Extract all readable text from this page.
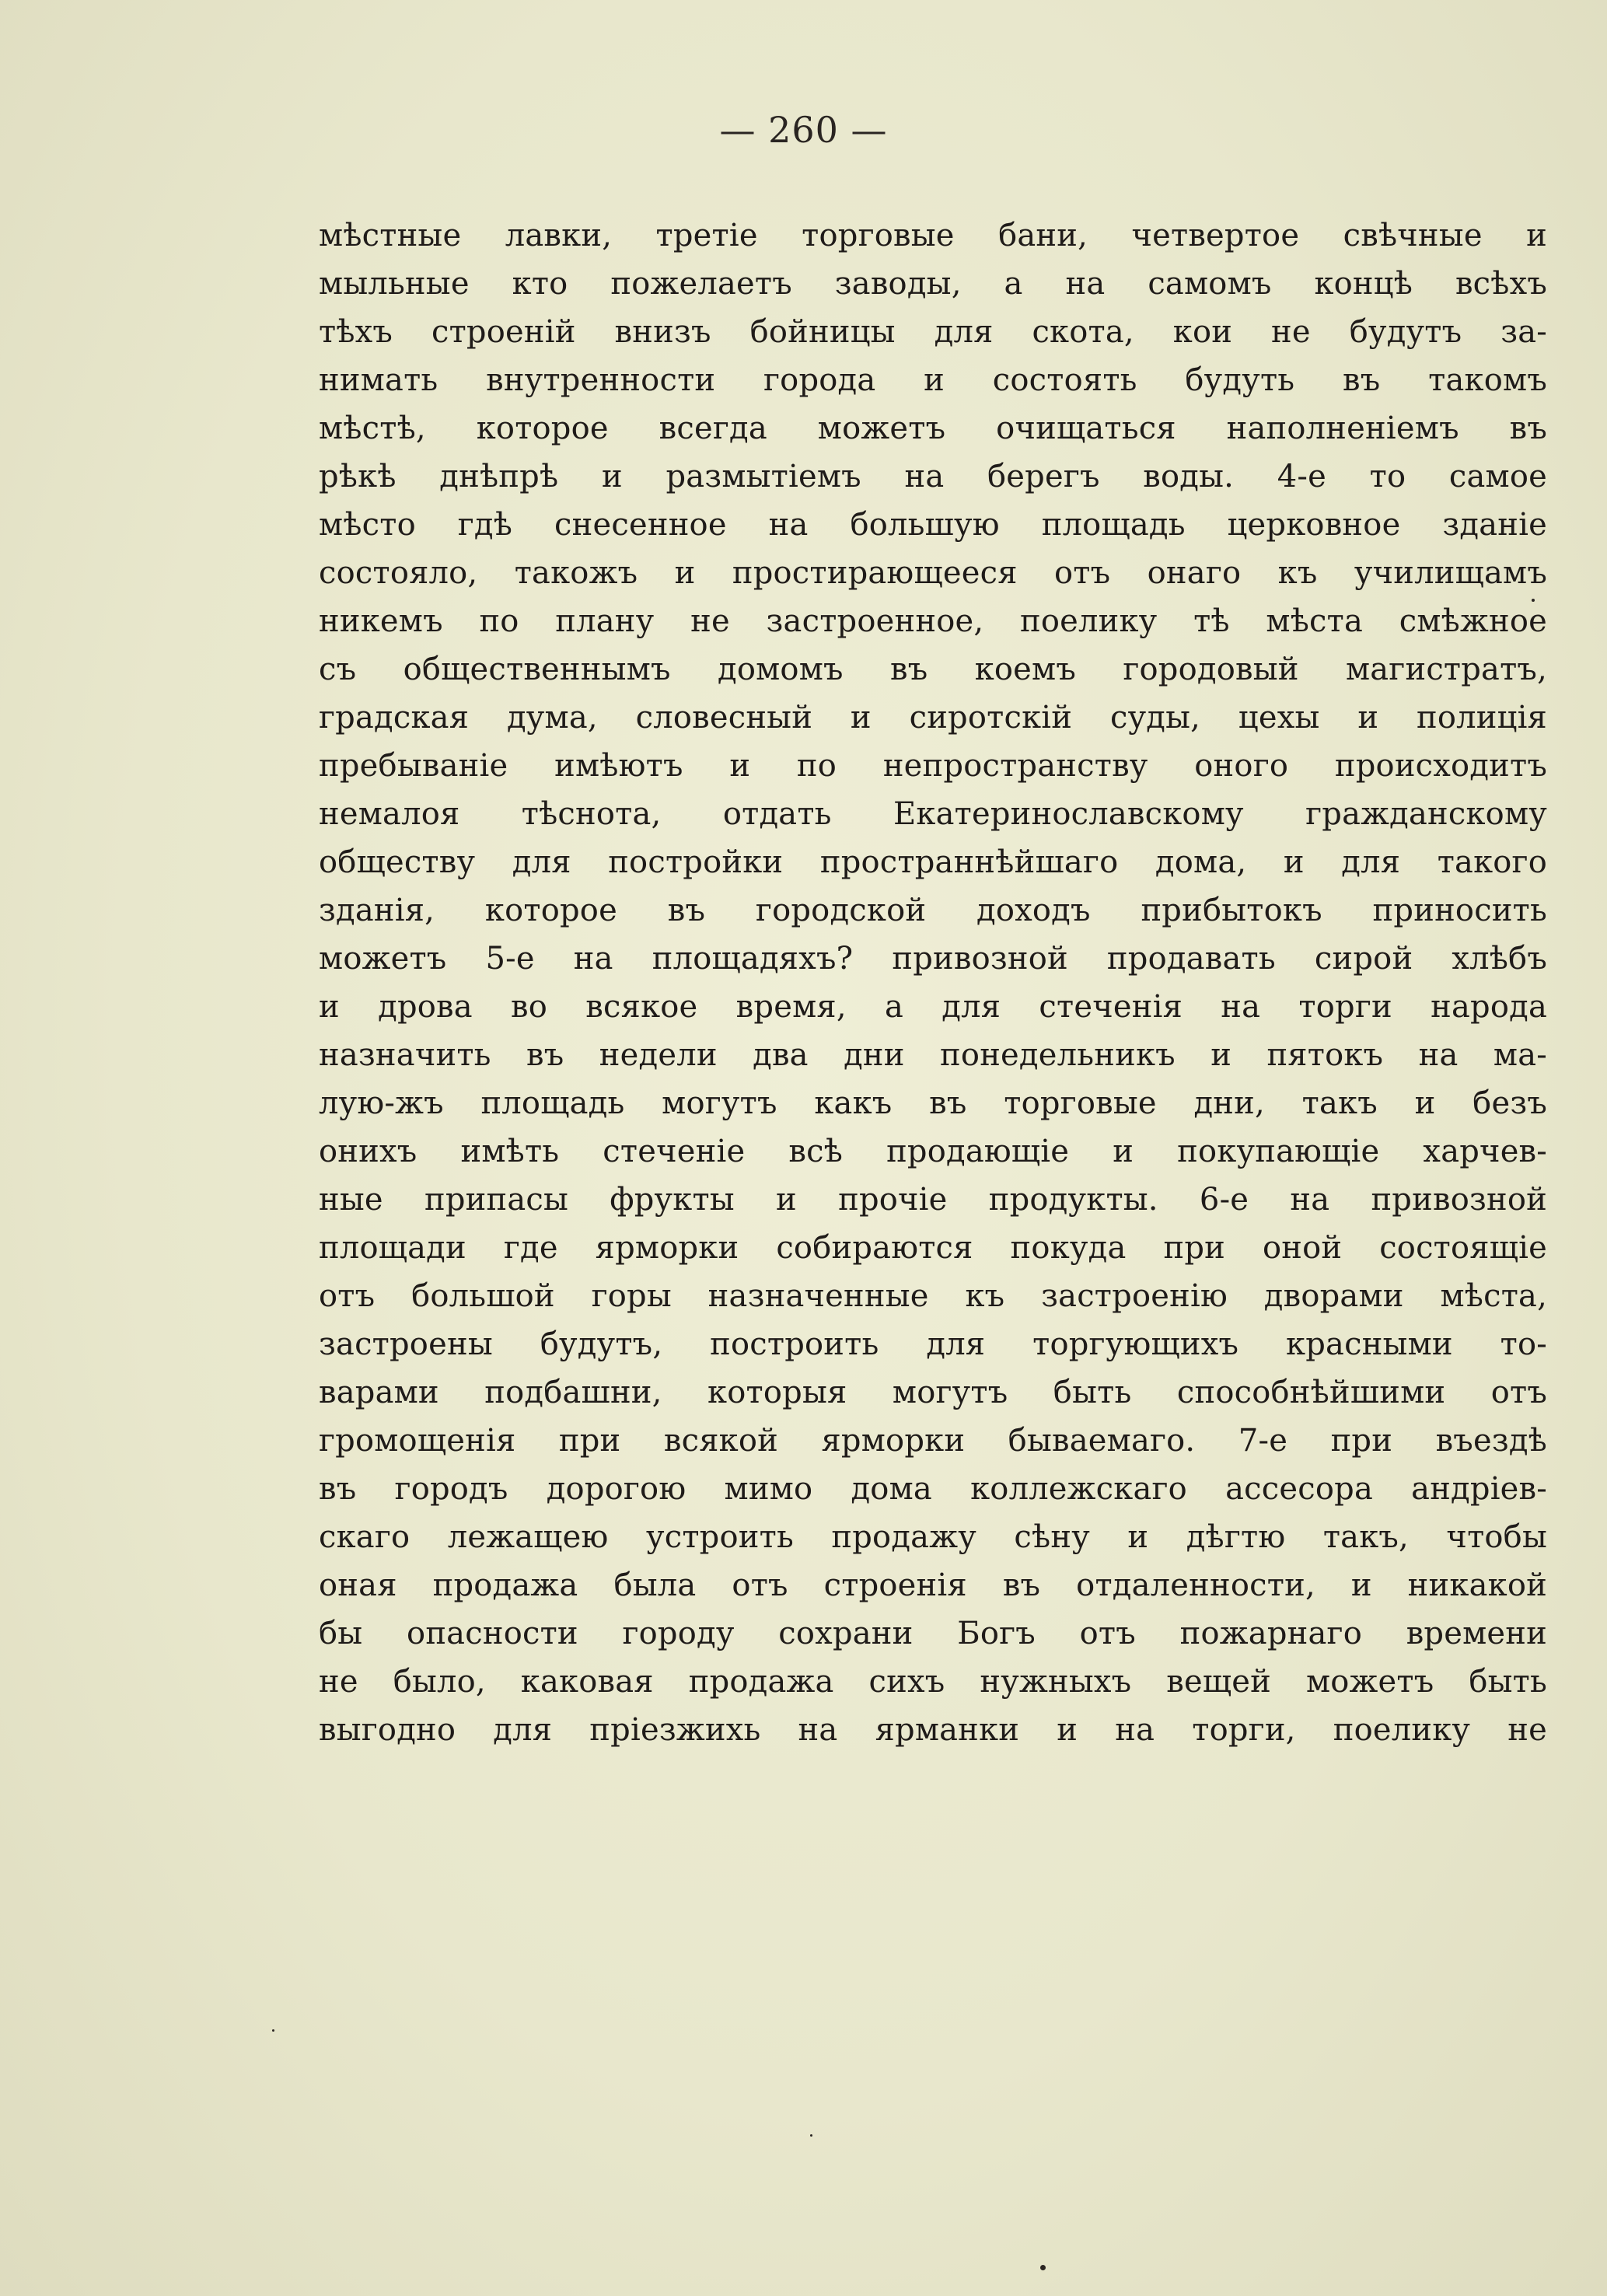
— 260 —
мѣстные лавки, третіе торговые бани, четвертое свѣчные и
мыльные кто пожелаетъ заводы, а на самомъ концѣ всѣхъ
тѣхъ строеній внизъ бойницы для скота, кои не будутъ за-
нимать внутренности города и состоять будуть въ такомъ
мѣстѣ, которое всегда можетъ очищаться наполненіемъ въ
рѣкѣ днѣпрѣ и размытіемъ на берегъ воды. 4-е то самое
мѣсто гдѣ снесенное на большую площадь церковное зданіе
состояло, такожъ и простирающееся отъ онаго къ училищамъ
никемъ по плану не застроенное, поелику тѣ мѣста смѣжное
съ общественнымъ домомъ въ коемъ городовый магистратъ,
градская дума, словесный и сиротскій суды, цехы и полиція
пребываніе имѣютъ и по непространству оного происходитъ
немалоя тѣснота, отдать Екатеринославскому гражданскому
обществу для постройки пространнѣйшаго дома, и для такого
зданія, которое въ городской доходъ прибытокъ приносить
можетъ 5-е на площадяхъ? привозной продавать сирой хлѣбъ
и дрова во всякое время, а для стеченія на торги народа
назначить въ недели два дни понедельникъ и пятокъ на ма-
лую-жъ площадь могутъ какъ въ торговые дни, такъ и безъ
онихъ имѣть стеченіе всѣ продающіе и покупающіе харчев-
ные припасы фрукты и прочіе продукты. 6-е на привозной
площади где ярморки собираются покуда при оной состоящіе
отъ большой горы назначенные къ застроенію дворами мѣста,
застроены будутъ, построить для торгующихъ красными то-
варами подбашни, которыя могутъ быть способнѣйшими отъ
громощенія при всякой ярморки бываемаго. 7-е при въездѣ
въ городъ дорогою мимо дома коллежскаго ассесора андріев-
скаго лежащею устроить продажу сѣну и дѣгтю такъ, чтобы
оная продажа была отъ строенія въ отдаленности, и никакой
бы опасности городу сохрани Богъ отъ пожарнаго времени
не было, каковая продажа сихъ нужныхъ вещей можетъ быть
выгодно для пріезжихь на ярманки и на торги, поелику не
